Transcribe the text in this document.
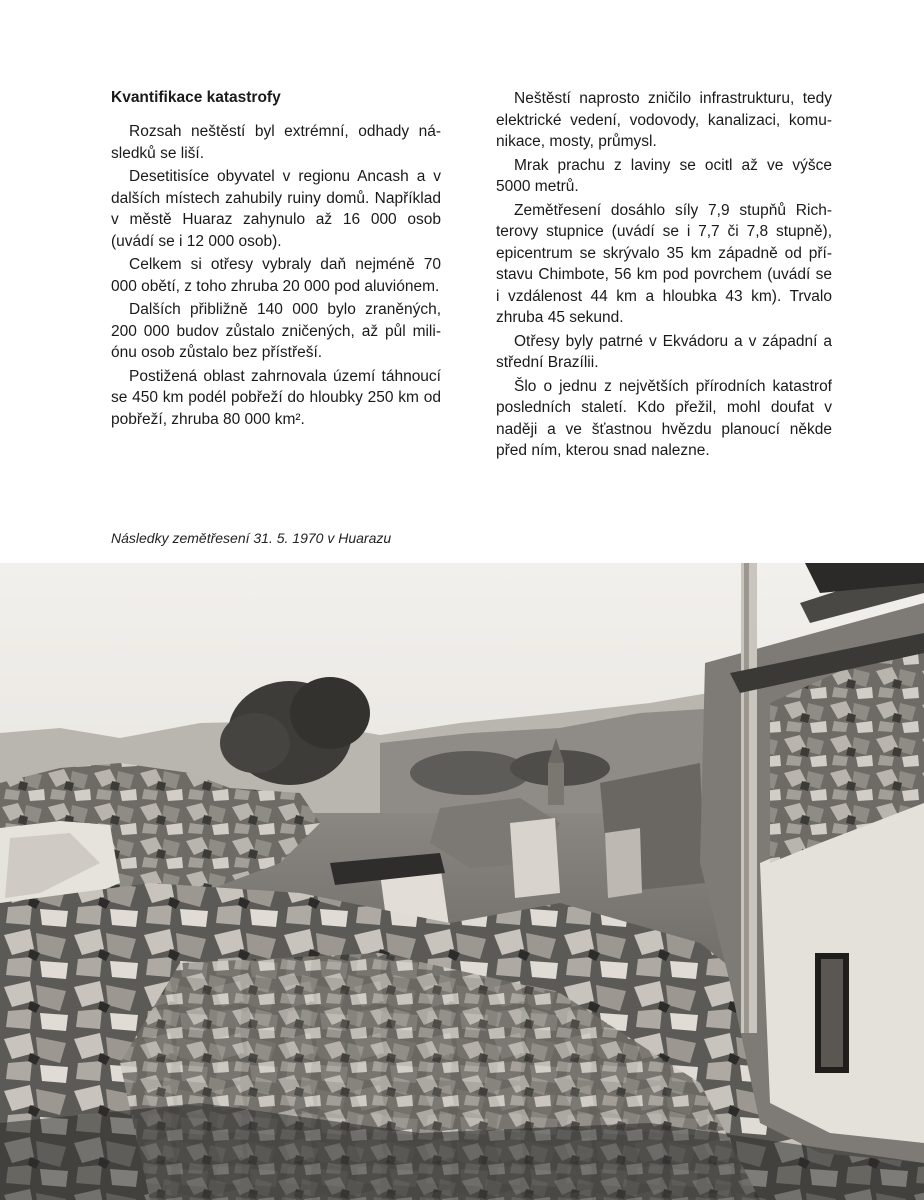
Kvantifikace katastrofy

Rozsah neštěstí byl extrémní, odhady následků se liší.

Desetitisíce obyvatel v regionu Ancash a v dalších místech zahubily ruiny domů. Například v městě Huaraz zahynulo až 16 000 osob (uvádí se i 12 000 osob).

Celkem si otřesy vybraly daň nejméně 70 000 obětí, z toho zhruba 20 000 pod aluviónem.

Dalších přibližně 140 000 bylo zraněných, 200 000 budov zůstalo zničených, až půl miliónu osob zůstalo bez přístřeší.

Postižená oblast zahrnovala území táhnoucí se 450 km podél pobřeží do hloubky 250 km od pobřeží, zhruba 80 000 km².

Neštěstí naprosto zničilo infrastrukturu, tedy elektrické vedení, vodovody, kanalizaci, komunikace, mosty, průmysl.

Mrak prachu z laviny se ocitl až ve výšce 5000 metrů.

Zemětřesení dosáhlo síly 7,9 stupňů Richterovy stupnice (uvádí se i 7,7 či 7,8 stupně), epicentrum se skrývalo 35 km západně od přístavu Chimbote, 56 km pod povrchem (uvádí se i vzdálenost 44 km a hloubka 43 km). Trvalo zhruba 45 sekund.

Otřesy byly patrné v Ekvádoru a v západní a střední Brazílii.

Šlo o jednu z největších přírodních katastrof posledních staletí. Kdo přežil, mohl doufat v naději a ve šťastnou hvězdu planoucí někde před ním, kterou snad nalezne.

Následky zemětřesení 31. 5. 1970 v Huarazu
